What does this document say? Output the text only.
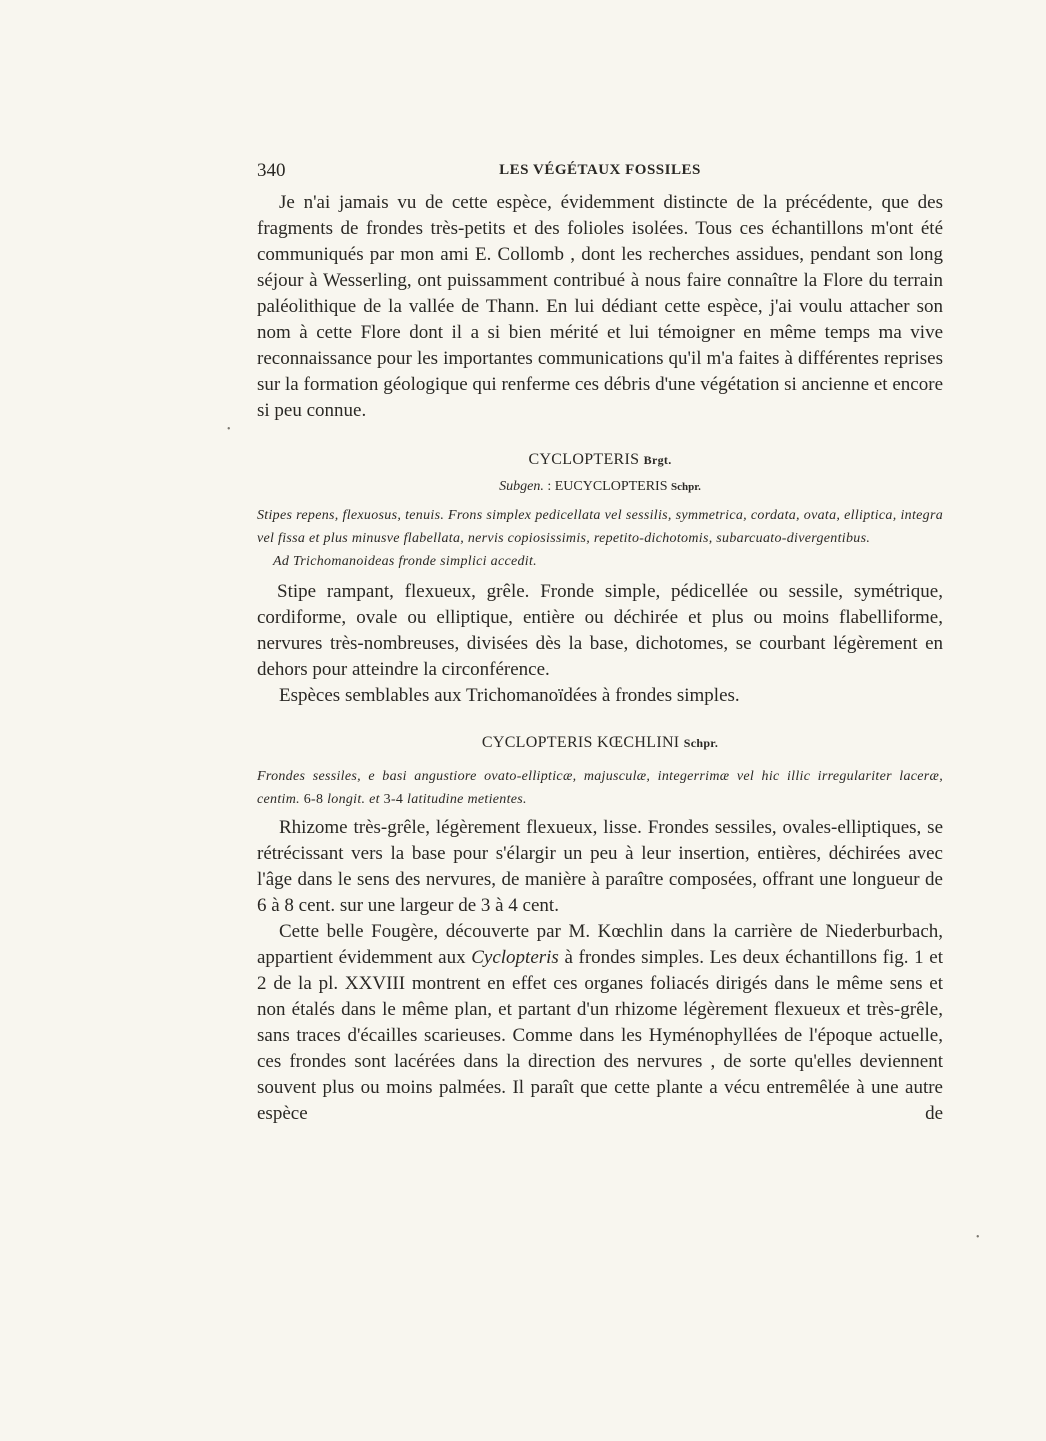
•
•
340	LES VÉGÉTAUX FOSSILES

Je n'ai jamais vu de cette espèce, évidemment distincte de la précédente, que des fragments de frondes très-petits et des folioles isolées. Tous ces échantillons m'ont été communiqués par mon ami E. Collomb , dont les recherches assidues, pendant son long séjour à Wesserling, ont puissamment contribué à nous faire connaître la Flore du terrain paléolithique de la vallée de Thann. En lui dédiant cette espèce, j'ai voulu attacher son nom à cette Flore dont il a si bien mérité et lui témoigner en même temps ma vive reconnaissance pour les importantes communications qu'il m'a faites à différentes reprises sur la formation géologique qui renferme ces débris d'une végétation si ancienne et encore si peu connue.

CYCLOPTERIS Brgt.
Subgen. : EUCYCLOPTERIS Schpr.

Stipes repens, flexuosus, tenuis. Frons simplex pedicellata vel sessilis, symmetrica, cordata, ovata, elliptica, integra vel fissa et plus minusve flabellata, nervis copiosissimis, repetito-dichotomis, subarcuato-divergentibus.

Ad Trichomanoideas fronde simplici accedit.

Stipe rampant, flexueux, grêle. Fronde simple, pédicellée ou sessile, symétrique, cordiforme, ovale ou elliptique, entière ou déchirée et plus ou moins flabelliforme, nervures très-nombreuses, divisées dès la base, dichotomes, se courbant légèrement en dehors pour atteindre la circonférence.

Espèces semblables aux Trichomanoïdées à frondes simples.

CYCLOPTERIS KŒCHLINI Schpr.

Frondes sessiles, e basi angustiore ovato-ellipticæ, majusculæ, integerrimæ vel hic illic irregulariter laceræ, centim. 6-8 longit. et 3-4 latitudine metientes.

Rhizome très-grêle, légèrement flexueux, lisse. Frondes sessiles, ovales-elliptiques, se rétrécissant vers la base pour s'élargir un peu à leur insertion, entières, déchirées avec l'âge dans le sens des nervures, de manière à paraître composées, offrant une longueur de 6 à 8 cent. sur une largeur de 3 à 4 cent.

Cette belle Fougère, découverte par M. Kœchlin dans la carrière de Niederburbach, appartient évidemment aux Cyclopteris à frondes simples. Les deux échantillons fig. 1 et 2 de la pl. XXVIII montrent en effet ces organes foliacés dirigés dans le même sens et non étalés dans le même plan, et partant d'un rhizome légèrement flexueux et très-grêle, sans traces d'écailles scarieuses. Comme dans les Hyménophyllées de l'époque actuelle, ces frondes sont lacérées dans la direction des nervures , de sorte qu'elles deviennent souvent plus ou moins palmées. Il paraît que cette plante a vécu entremêlée à une autre espèce de
